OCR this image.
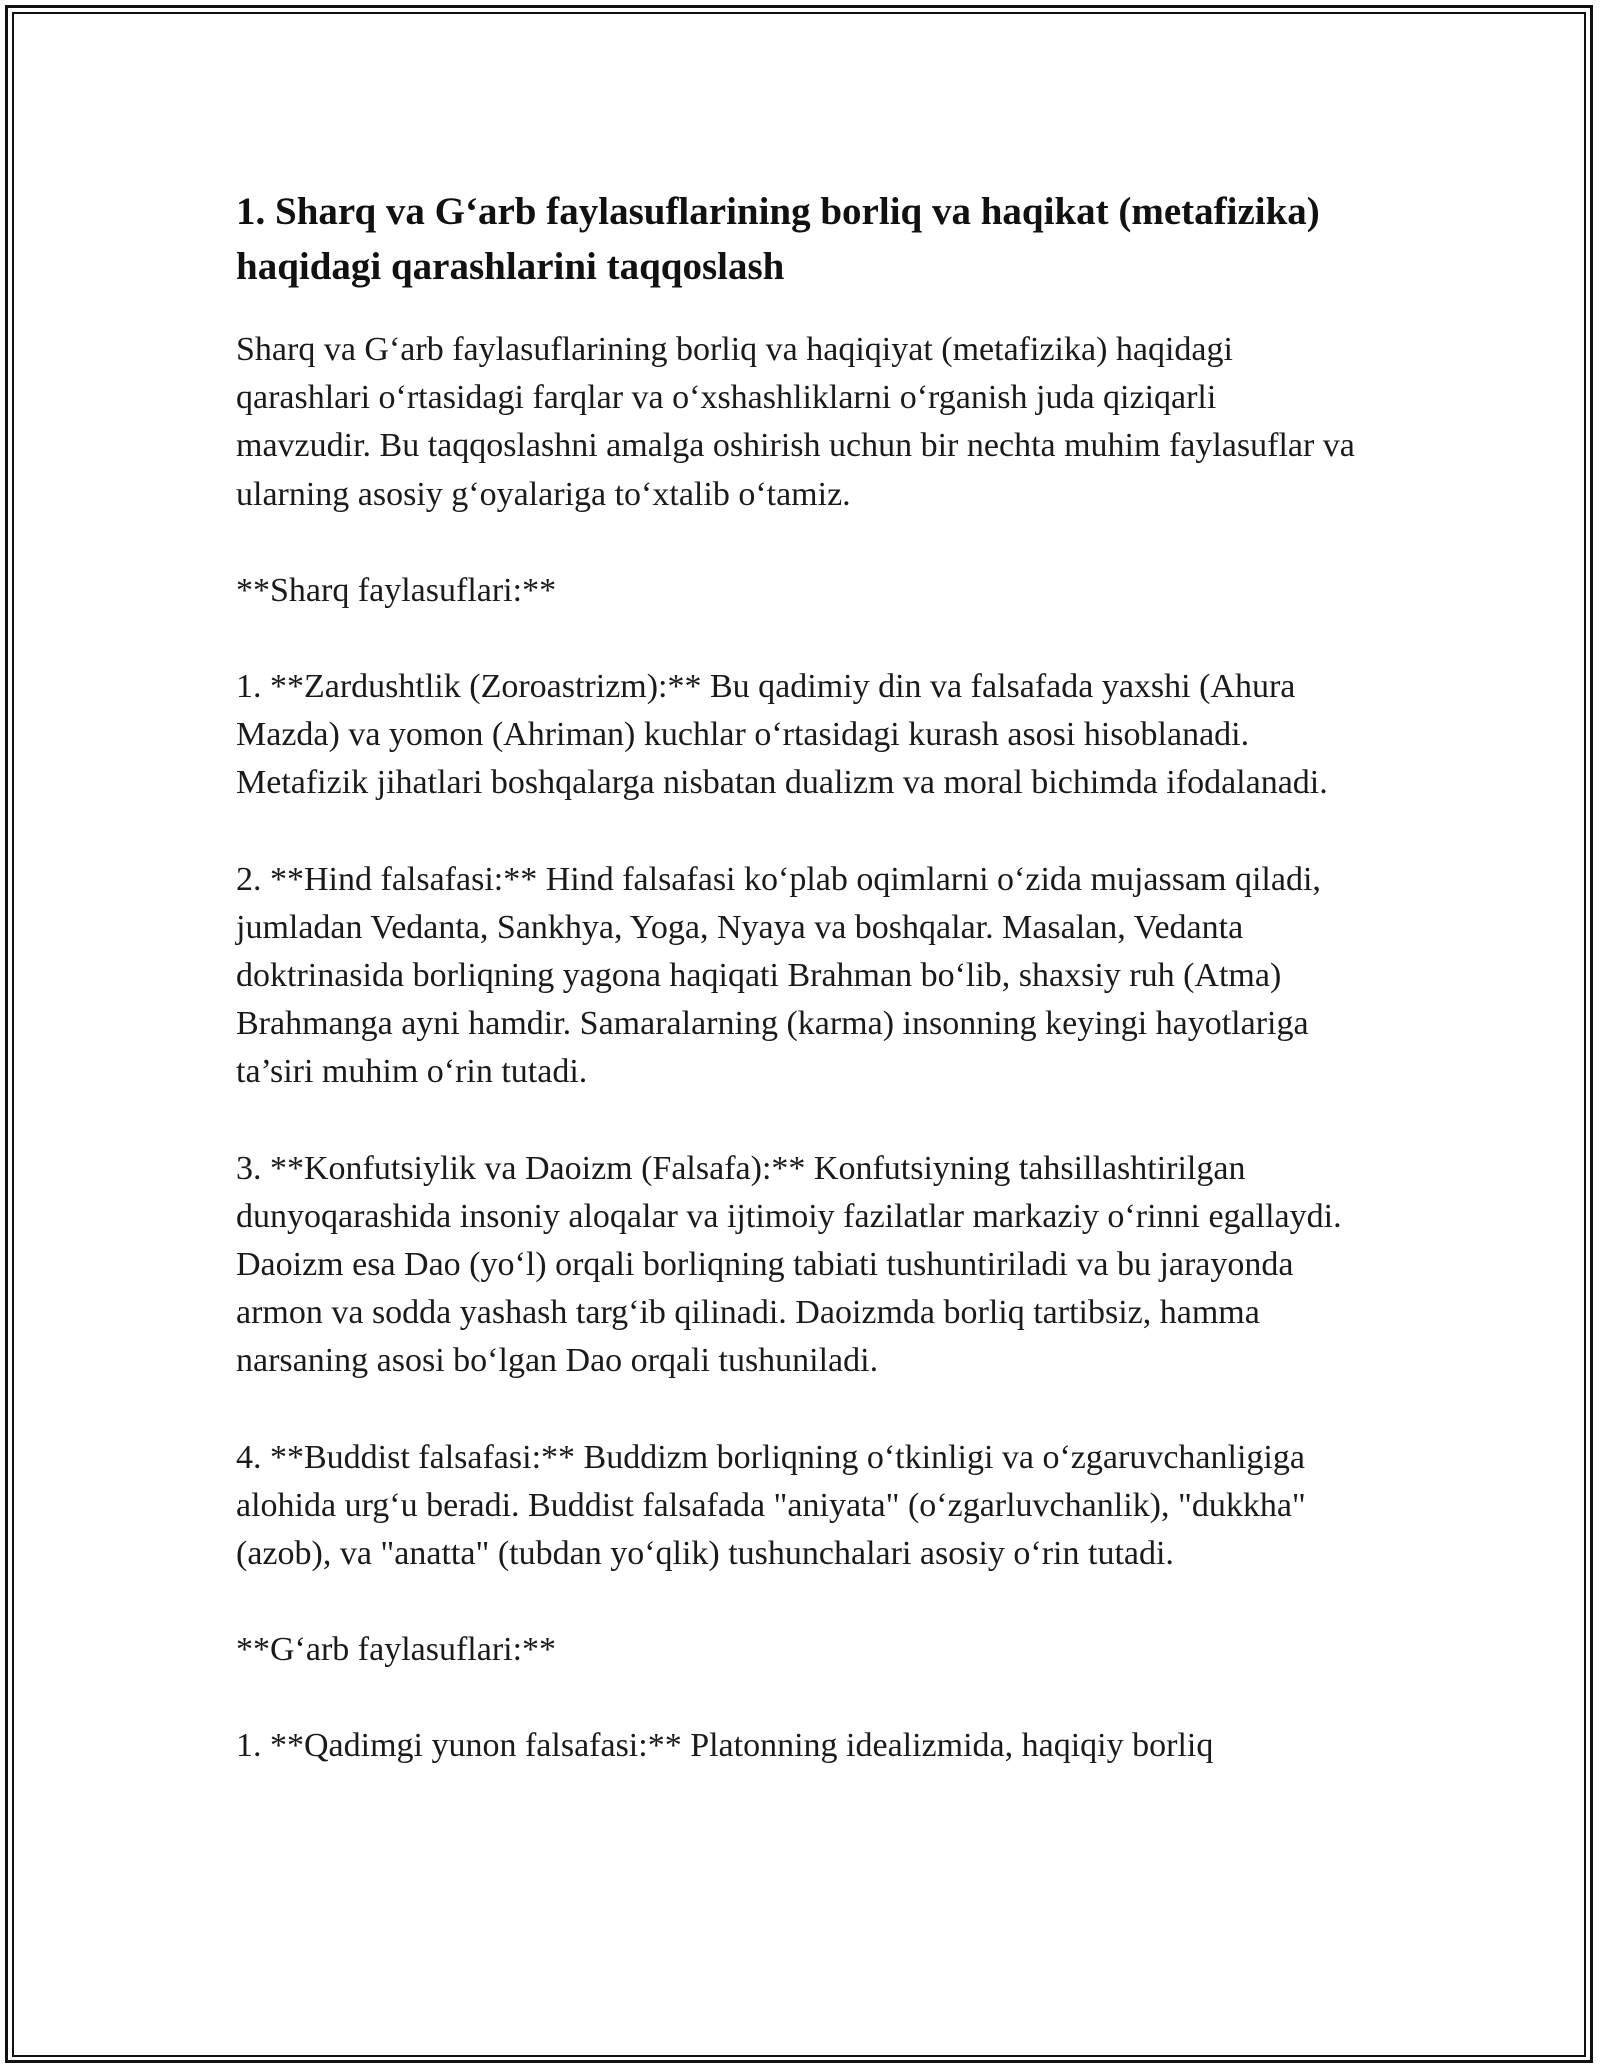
1. Sharq va G‘arb faylasuflarining borliq va haqikat (metafizika) haqidagi qarashlarini taqqoslash

Sharq va G‘arb faylasuflarining borliq va haqiqiyat (metafizika) haqidagi qarashlari o‘rtasidagi farqlar va o‘xshashliklarni o‘rganish juda qiziqarli mavzudir. Bu taqqoslashni amalga oshirish uchun bir nechta muhim faylasuflar va ularning asosiy g‘oyalariga to‘xtalib o‘tamiz.

**Sharq faylasuflari:**

1. **Zardushtlik (Zoroastrizm):** Bu qadimiy din va falsafada yaxshi (Ahura Mazda) va yomon (Ahriman) kuchlar o‘rtasidagi kurash asosi hisoblanadi. Metafizik jihatlari boshqalarga nisbatan dualizm va moral bichimda ifodalanadi.

2. **Hind falsafasi:** Hind falsafasi ko‘plab oqimlarni o‘zida mujassam qiladi, jumladan Vedanta, Sankhya, Yoga, Nyaya va boshqalar. Masalan, Vedanta doktrinasida borliqning yagona haqiqati Brahman bo‘lib, shaxsiy ruh (Atma) Brahmanga ayni hamdir. Samaralarning (karma) insonning keyingi hayotlariga ta’siri muhim o‘rin tutadi.

3. **Konfutsiylik va Daoizm (Falsafa):** Konfutsiyning tahsillashtirilgan dunyoqarashida insoniy aloqalar va ijtimoiy fazilatlar markaziy o‘rinni egallaydi. Daoizm esa Dao (yo‘l) orqali borliqning tabiati tushuntiriladi va bu jarayonda armon va sodda yashash targ‘ib qilinadi. Daoizmda borliq tartibsiz, hamma narsaning asosi bo‘lgan Dao orqali tushuniladi.

4. **Buddist falsafasi:** Buddizm borliqning o‘tkinligi va o‘zgaruvchanligiga alohida urg‘u beradi. Buddist falsafada "aniyata" (o‘zgarluvchanlik), "dukkha" (azob), va "anatta" (tubdan yo‘qlik) tushunchalari asosiy o‘rin tutadi.

**G‘arb faylasuflari:**

1. **Qadimgi yunon falsafasi:** Platonning idealizmida, haqiqiy borliq
